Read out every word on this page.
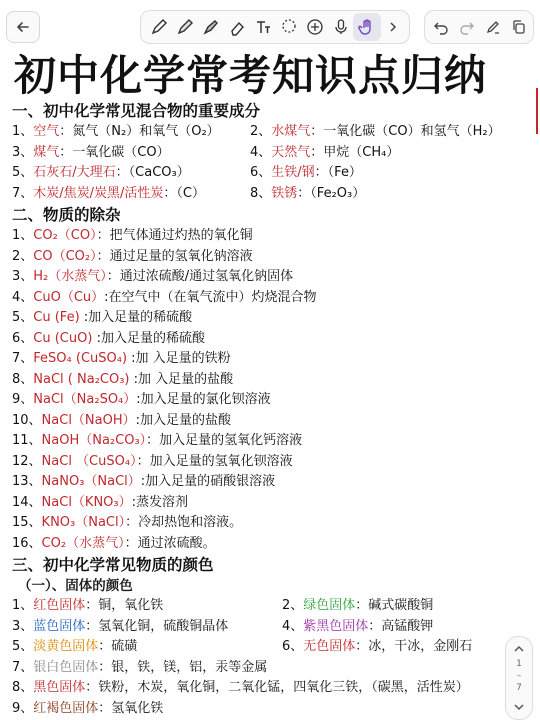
初中化学常考知识点归纳
一、初中化学常见混合物的重要成分
1、空气：氮气（N₂）和氧气（O₂） 2、水煤气：一氧化碳（CO）和氢气（H₂）
3、煤气：一氧化碳（CO）	4、天然气：甲烷（CH₄）
5、石灰石/大理石：（CaCO₃）	6、生铁/钢：（Fe）
7、木炭/焦炭/炭黑/活性炭：（C）	8、铁锈：（Fe₂O₃）
二、物质的除杂
1、CO₂（CO）：把气体通过灼热的氧化铜
2、CO（CO₂）：通过足量的氢氧化钠溶液
3、H₂（水蒸气）：通过浓硫酸/通过氢氧化钠固体
4、CuO（Cu）:在空气中（在氧气流中）灼烧混合物
5、Cu (Fe) :加入足量的稀硫酸
6、Cu (CuO) :加入足量的稀硫酸
7、FeSO₄ (CuSO₄) :加 入足量的铁粉
8、NaCl ( Na₂CO₃) :加 入足量的盐酸
9、NaCl（Na₂SO₄）:加入足量的氯化钡溶液
10、NaCl（NaOH）:加入足量的盐酸
11、NaOH（Na₂CO₃）：加入足量的氢氧化钙溶液
12、NaCl （CuSO₄）：加入足量的氢氧化钡溶液
13、NaNO₃（NaCl）:加入足量的硝酸银溶液
14、NaCl（KNO₃）:蒸发溶剂
15、KNO₃（NaCl）：冷却热饱和溶液。
16、CO₂（水蒸气）：通过浓硫酸。
三、初中化学常见物质的颜色
（一）、固体的颜色
1、红色固体：铜，氧化铁	2、绿色固体：碱式碳酸铜
3、蓝色固体：氢氧化铜，硫酸铜晶体	4、紫黑色固体：高锰酸钾
5、淡黄色固体：硫磺	6、无色固体：冰，干冰，金刚石
7、银白色固体：银，铁，镁，铝，汞等金属
8、黑色固体：铁粉，木炭，氧化铜，二氧化锰，四氧化三铁，（碳黑，活性炭）
9、红褐色固体：氢氧化铁
1
–
7
